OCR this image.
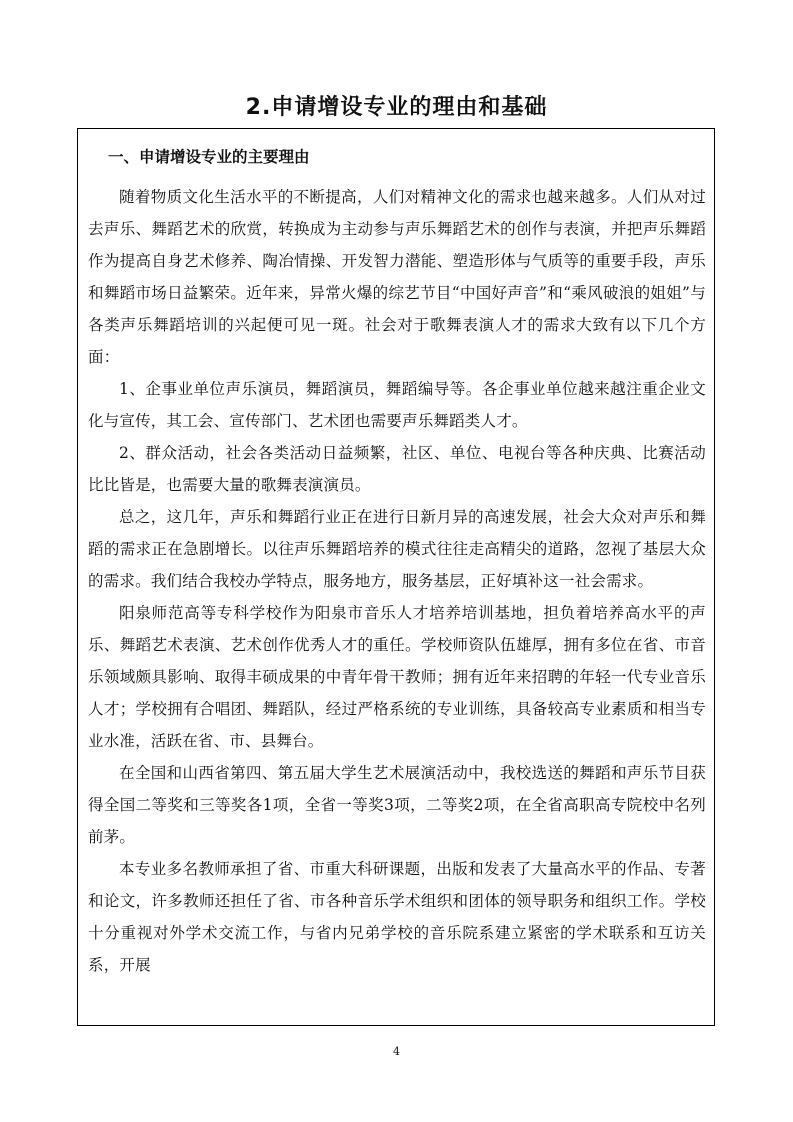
2.申请增设专业的理由和基础
一、申请增设专业的主要理由

随着物质文化生活水平的不断提高，人们对精神文化的需求也越来越多。人们从对过去声乐、舞蹈艺术的欣赏，转换成为主动参与声乐舞蹈艺术的创作与表演，并把声乐舞蹈作为提高自身艺术修养、陶冶情操、开发智力潜能、塑造形体与气质等的重要手段，声乐和舞蹈市场日益繁荣。近年来，异常火爆的综艺节目“中国好声音”和“乘风破浪的姐姐”与各类声乐舞蹈培训的兴起便可见一斑。社会对于歌舞表演人才的需求大致有以下几个方面：

1、企事业单位声乐演员，舞蹈演员，舞蹈编导等。各企事业单位越来越注重企业文化与宣传，其工会、宣传部门、艺术团也需要声乐舞蹈类人才。

2、群众活动，社会各类活动日益频繁，社区、单位、电视台等各种庆典、比赛活动比比皆是，也需要大量的歌舞表演演员。

总之，这几年，声乐和舞蹈行业正在进行日新月异的高速发展，社会大众对声乐和舞蹈的需求正在急剧增长。以往声乐舞蹈培养的模式往往走高精尖的道路，忽视了基层大众的需求。我们结合我校办学特点，服务地方，服务基层，正好填补这一社会需求。

阳泉师范高等专科学校作为阳泉市音乐人才培养培训基地，担负着培养高水平的声乐、舞蹈艺术表演、艺术创作优秀人才的重任。学校师资队伍雄厚，拥有多位在省、市音乐领域颇具影响、取得丰硕成果的中青年骨干教师；拥有近年来招聘的年轻一代专业音乐人才；学校拥有合唱团、舞蹈队，经过严格系统的专业训练，具备较高专业素质和相当专业水准，活跃在省、市、县舞台。

在全国和山西省第四、第五届大学生艺术展演活动中，我校选送的舞蹈和声乐节目获得全国二等奖和三等奖各1项，全省一等奖3项，二等奖2项，在全省高职高专院校中名列前茅。

本专业多名教师承担了省、市重大科研课题，出版和发表了大量高水平的作品、专著和论文，许多教师还担任了省、市各种音乐学术组织和团体的领导职务和组织工作。学校十分重视对外学术交流工作，与省内兄弟学校的音乐院系建立紧密的学术联系和互访关系，开展

4
